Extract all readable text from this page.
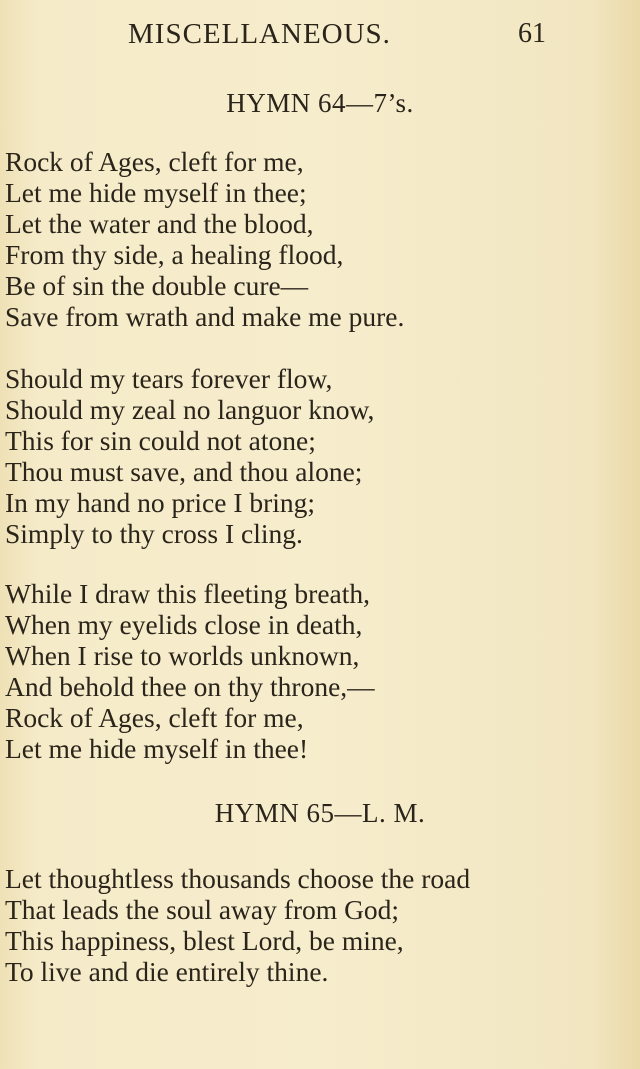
MISCELLANEOUS.	61
HYMN 64—7’s.
Rock of Ages, cleft for me,
Let me hide myself in thee;
Let the water and the blood,
From thy side, a healing flood,
Be of sin the double cure—
Save from wrath and make me pure.
Should my tears forever flow,
Should my zeal no languor know,
This for sin could not atone;
Thou must save, and thou alone;
In my hand no price I bring;
Simply to thy cross I cling.
While I draw this fleeting breath,
When my eyelids close in death,
When I rise to worlds unknown,
And behold thee on thy throne,—
Rock of Ages, cleft for me,
Let me hide myself in thee!
HYMN 65—L. M.
Let thoughtless thousands choose the road
That leads the soul away from God;
This happiness, blest Lord, be mine,
To live and die entirely thine.
